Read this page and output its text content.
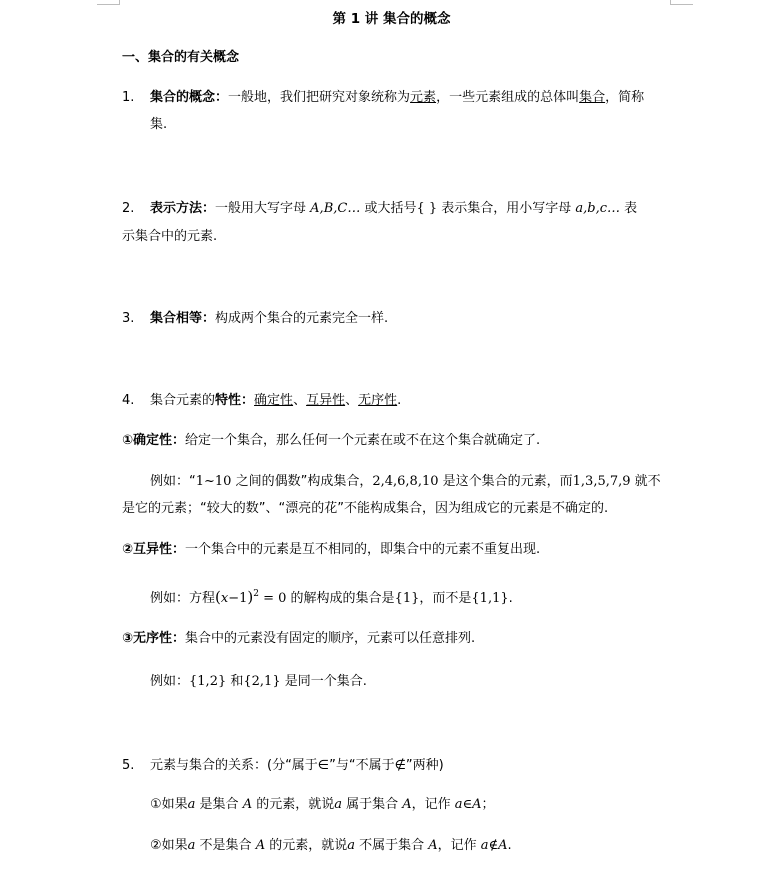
第 1 讲 集合的概念
一、集合的有关概念
1. 集合的概念：一般地，我们把研究对象统称为元素，一些元素组成的总体叫集合，简称
集.
2. 表示方法：一般用大写字母 A,B,C… 或大括号{ } 表示集合，用小写字母 a,b,c… 表
示集合中的元素.
3. 集合相等：构成两个集合的元素完全一样.
4. 集合元素的特性：确定性、互异性、无序性.
①确定性：给定一个集合，那么任何一个元素在或不在这个集合就确定了.
例如：“1~10 之间的偶数”构成集合，2,4,6,8,10 是这个集合的元素，而1,3,5,7,9 就不
是它的元素；“较大的数”、“漂亮的花”不能构成集合，因为组成它的元素是不确定的.
②互异性：一个集合中的元素是互不相同的，即集合中的元素不重复出现.
例如：方程$(x-1)^2 = 0$ 的解构成的集合是{1}，而不是{1,1}.
③无序性：集合中的元素没有固定的顺序，元素可以任意排列.
例如：{1,2} 和{2,1} 是同一个集合.
5. 元素与集合的关系：(分“属于∈”与“不属于∉”两种)
①如果a 是集合 A 的元素，就说a 属于集合 A，记作 a∈A；
②如果a 不是集合 A 的元素，就说a 不属于集合 A，记作 a∉A.
